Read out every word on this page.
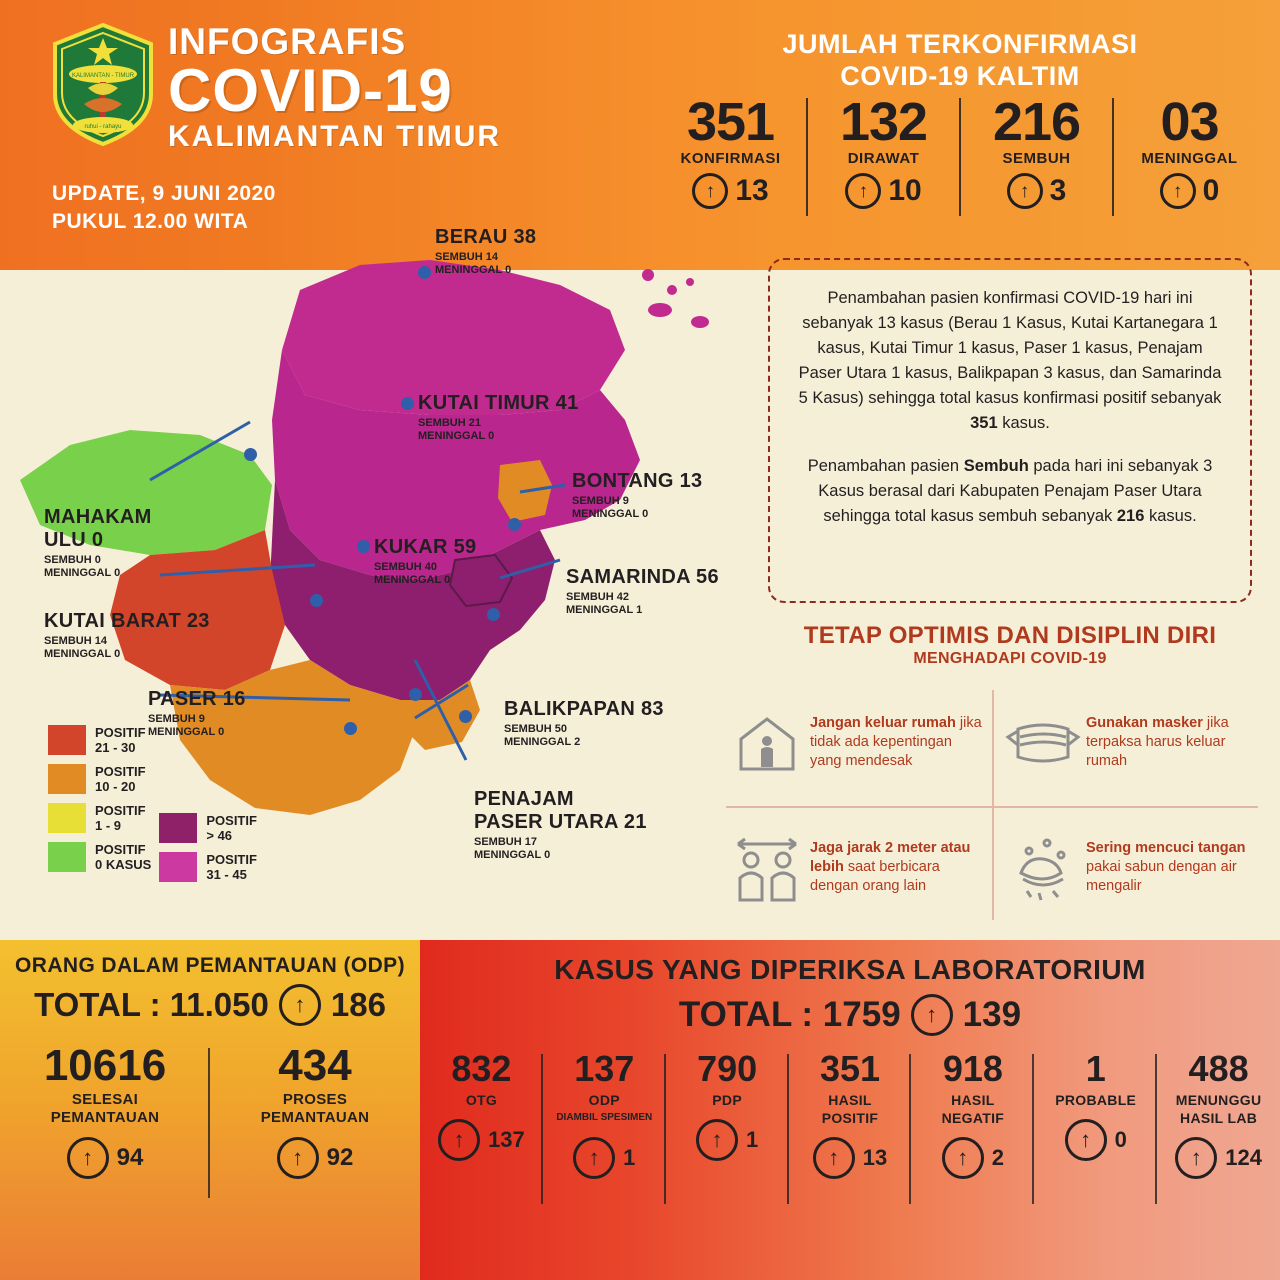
KALIMANTAN - TIMUR
ruhui - rahayu
INFOGRAFIS
COVID-19
KALIMANTAN TIMUR
UPDATE, 9 JUNI 2020
PUKUL 12.00 WITA
JUMLAH TERKONFIRMASI
COVID-19 KALTIM
351
KONFIRMASI
↑ 13
132
DIRAWAT
↑ 10
216
SEMBUH
↑ 3
03
MENINGGAL
↑ 0
BERAU 38
SEMBUH 14
MENINGGAL 0
KUTAI TIMUR 41
SEMBUH 21
MENINGGAL 0
BONTANG 13
SEMBUH 9
MENINGGAL 0
KUKAR 59
SEMBUH 40
MENINGGAL 0	SAMARINDA 56
SEMBUH 42
MENINGGAL 1
MAHAKAM
ULU 0
SEMBUH 0
MENINGGAL 0
KUTAI BARAT 23
SEMBUH 14
MENINGGAL 0
PASER 16
SEMBUH 9
MENINGGAL 0
BALIKPAPAN 83
SEMBUH 50
MENINGGAL 2
PENAJAM
PASER UTARA 21
SEMBUH 17
MENINGGAL 0
POSITIF
21 - 30
POSITIF
10 - 20
POSITIF
1 - 9
POSITIF
0 KASUS
POSITIF
> 46
POSITIF
31 - 45

Penambahan pasien konfirmasi COVID-19 hari ini sebanyak 13 kasus (Berau 1 Kasus, Kutai Kartanegara 1 kasus, Kutai Timur 1 kasus, Paser 1 kasus, Penajam Paser Utara 1 kasus, Balikpapan 3 kasus, dan Samarinda 5 Kasus) sehingga total kasus konfirmasi positif sebanyak 351 kasus.

Penambahan pasien Sembuh pada hari ini sebanyak 3 Kasus berasal dari Kabupaten Penajam Paser Utara sehingga total kasus sembuh sebanyak 216 kasus.

TETAP OPTIMIS DAN DISIPLIN DIRI
MENGHADAPI COVID-19
Jangan keluar rumah jika tidak ada kepentingan yang mendesak
Gunakan masker jika terpaksa harus keluar rumah
Jaga jarak 2 meter atau lebih saat berbicara dengan orang lain
Sering mencuci tangan pakai sabun dengan air mengalir
ORANG DALAM PEMANTAUAN (ODP)
TOTAL : 11.050	↑ 186
10616
SELESAI
PEMANTAUAN
↑ 94
434
PROSES
PEMANTAUAN
↑ 92
KASUS YANG DIPERIKSA LABORATORIUM
TOTAL : 1759	↑ 139
832
OTG
↑	137
137
ODP
DIAMBIL SPESIMEN
↑	1
790
PDP
↑	1
351
HASIL
POSITIF
↑	13
918
HASIL
NEGATIF
↑	2
1
PROBABLE
↑	0
488
MENUNGGU
HASIL LAB
↑	124
